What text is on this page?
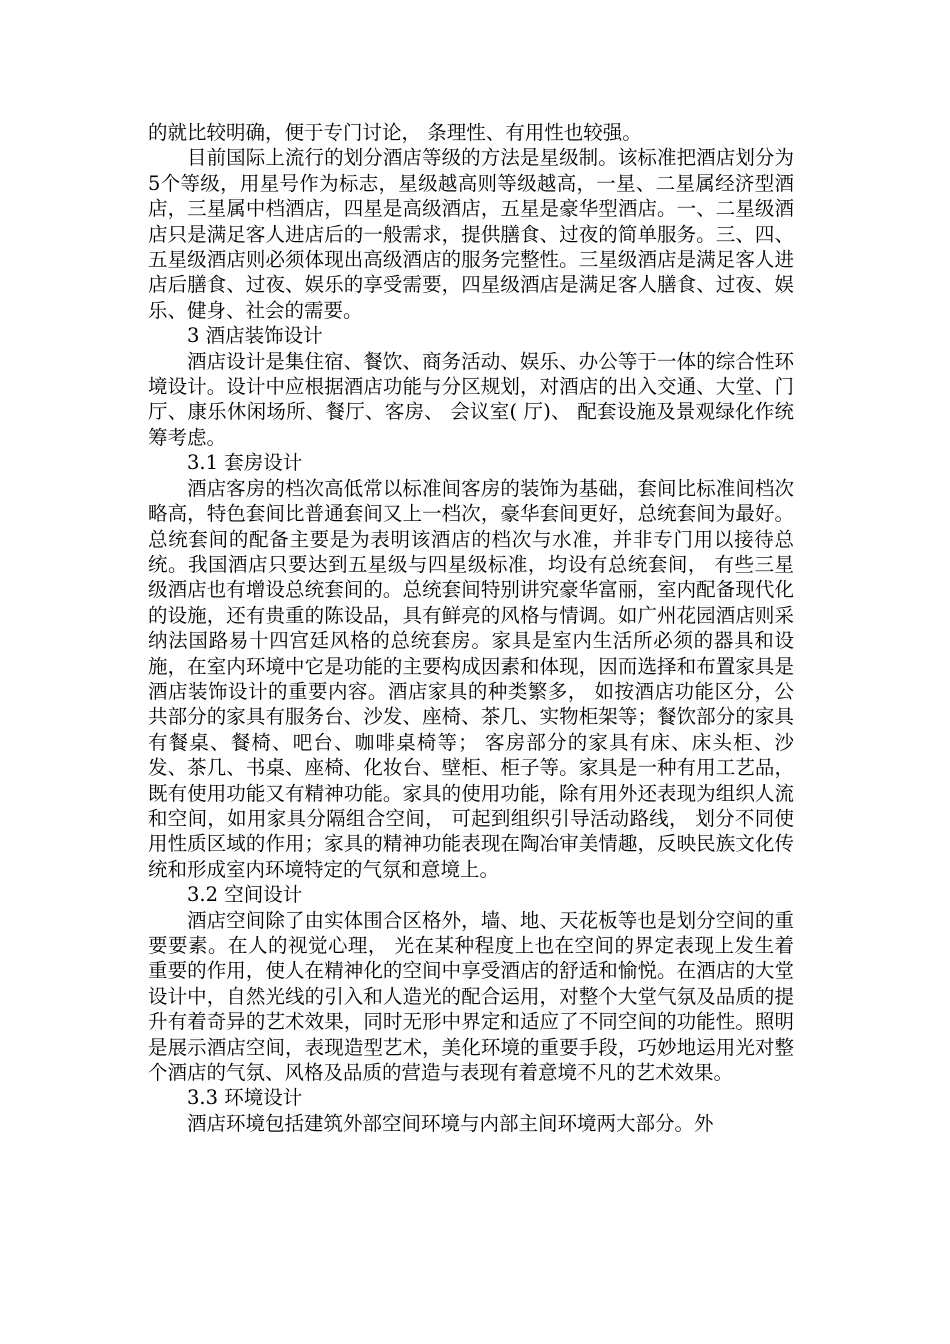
的就比较明确，便于专门讨论， 条理性、有用性也较强。

目前国际上流行的划分酒店等级的方法是星级制。该标准把酒店划分为5个等级，用星号作为标志，星级越高则等级越高，一星、二星属经济型酒店，三星属中档酒店，四星是高级酒店，五星是豪华型酒店。一、二星级酒店只是满足客人进店后的一般需求，提供膳食、过夜的简单服务。三、四、五星级酒店则必须体现出高级酒店的服务完整性。三星级酒店是满足客人进店后膳食、过夜、娱乐的享受需要，四星级酒店是满足客人膳食、过夜、娱乐、健身、社会的需要。

3 酒店装饰设计

酒店设计是集住宿、餐饮、商务活动、娱乐、办公等于一体的综合性环境设计。设计中应根据酒店功能与分区规划，对酒店的出入交通、大堂、门厅、康乐休闲场所、餐厅、客房、 会议室( 厅)、 配套设施及景观绿化作统筹考虑。

3.1 套房设计

酒店客房的档次高低常以标准间客房的装饰为基础，套间比标准间档次略高，特色套间比普通套间又上一档次，豪华套间更好，总统套间为最好。总统套间的配备主要是为表明该酒店的档次与水准，并非专门用以接待总统。我国酒店只要达到五星级与四星级标准，均设有总统套间， 有些三星级酒店也有增设总统套间的。总统套间特别讲究豪华富丽，室内配备现代化的设施，还有贵重的陈设品，具有鲜亮的风格与情调。如广州花园酒店则采纳法国路易十四宫廷风格的总统套房。家具是室内生活所必须的器具和设施，在室内环境中它是功能的主要构成因素和体现，因而选择和布置家具是酒店装饰设计的重要内容。酒店家具的种类繁多， 如按酒店功能区分，公共部分的家具有服务台、沙发、座椅、茶几、实物柜架等；餐饮部分的家具有餐桌、餐椅、吧台、咖啡桌椅等； 客房部分的家具有床、床头柜、沙发、茶几、书桌、座椅、化妆台、壁柜、柜子等。家具是一种有用工艺品，既有使用功能又有精神功能。家具的使用功能，除有用外还表现为组织人流和空间，如用家具分隔组合空间， 可起到组织引导活动路线， 划分不同使用性质区域的作用；家具的精神功能表现在陶冶审美情趣，反映民族文化传统和形成室内环境特定的气氛和意境上。

3.2 空间设计

酒店空间除了由实体围合区格外，墙、地、天花板等也是划分空间的重要要素。在人的视觉心理， 光在某种程度上也在空间的界定表现上发生着重要的作用，使人在精神化的空间中享受酒店的舒适和愉悦。在酒店的大堂设计中，自然光线的引入和人造光的配合运用，对整个大堂气氛及品质的提升有着奇异的艺术效果，同时无形中界定和适应了不同空间的功能性。照明是展示酒店空间，表现造型艺术，美化环境的重要手段，巧妙地运用光对整个酒店的气氛、风格及品质的营造与表现有着意境不凡的艺术效果。

3.3 环境设计

酒店环境包括建筑外部空间环境与内部主间环境两大部分。外
